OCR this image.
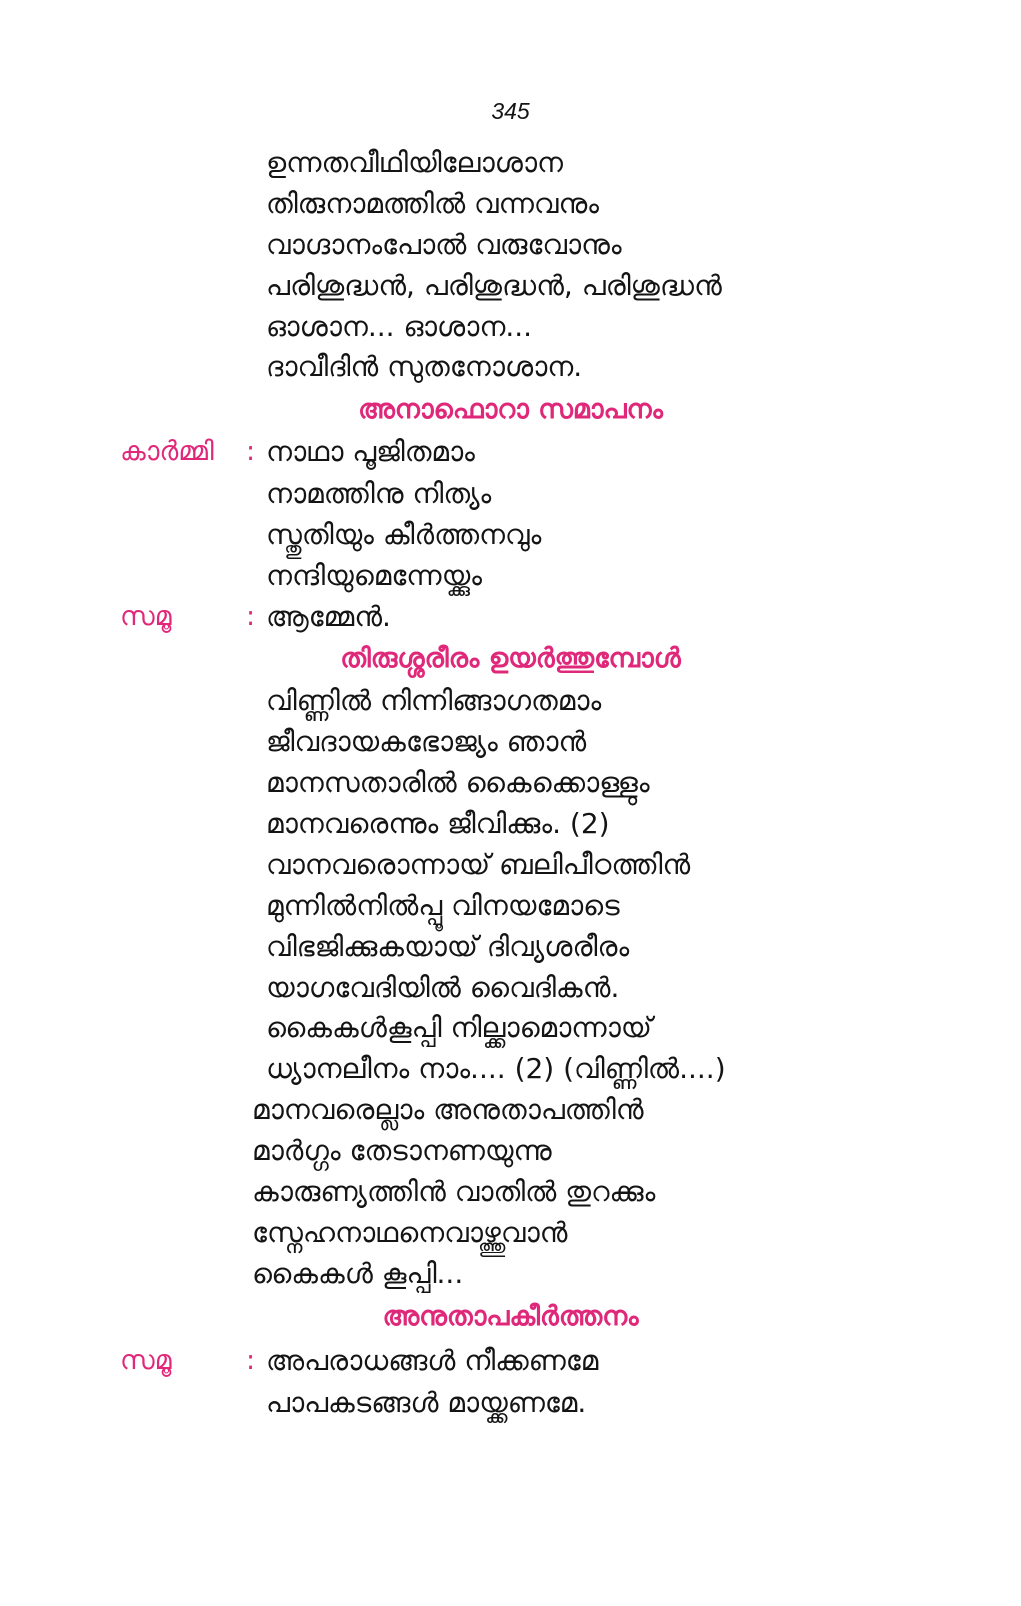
345
ഉന്നതവീഥിയിലോശാന
തിരുനാമത്തിൽ വന്നവനും
വാഗ്ദാനംപോൽ വരുവോനും
പരിശുദ്ധൻ, പരിശുദ്ധൻ, പരിശുദ്ധൻ
ഓശാന... ഓശാന...
ദാവീദിൻ സുതനോശാന.
അനാഫൊറാ സമാപനം
കാർമ്മി : നാഥാ പൂജിതമാം
നാമത്തിനു നിത്യം
സ്തുതിയും കീർത്തനവും
നന്ദിയുമെന്നേയ്ക്കും
സമൂ	: ആമ്മേൻ.
തിരുശ്ശരീരം ഉയർത്തുമ്പോൾ
വിണ്ണിൽ നിന്നിങ്ങാഗതമാം
ജീവദായകഭോജ്യം ഞാൻ
മാനസതാരിൽ കൈക്കൊള്ളും
മാനവരെന്നും ജീവിക്കും. (2)
വാനവരൊന്നായ് ബലിപീഠത്തിൻ
മുന്നിൽനിൽപ്പൂ വിനയമോടെ
വിഭജിക്കുകയായ് ദിവ്യശരീരം
യാഗവേദിയിൽ വൈദികൻ.
കൈകൾകൂപ്പി നില്ക്കാമൊന്നായ്
ധ്യാനലീനം നാം.... (2) (വിണ്ണിൽ....)
മാനവരെല്ലാം അനുതാപത്തിൻ
മാർഗ്ഗം തേടാനണയുന്നു
കാരുണ്യത്തിൻ വാതിൽ തുറക്കും
സ്നേഹനാഥനെവാഴ്ത്തുവാൻ
കൈകൾ കൂപ്പി...
അനുതാപകീർത്തനം
സമൂ	: അപരാധങ്ങൾ നീക്കണമേ
പാപകടങ്ങൾ മായ്ക്കണമേ.
